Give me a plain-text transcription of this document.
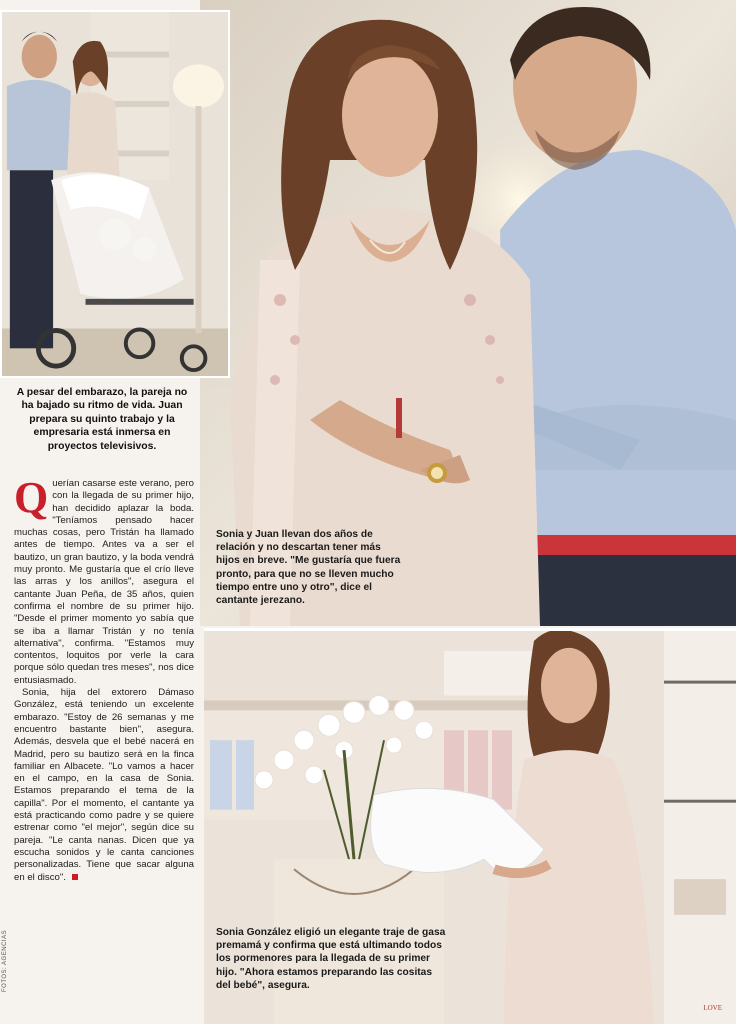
A pesar del embarazo, la pareja no ha bajado su ritmo de vida. Juan prepara su quinto trabajo y la empresaria está inmersa en proyectos televisivos.

Querían casarse este verano, pero con la llegada de su primer hijo, han decidido aplazar la boda. "Teníamos pensado hacer muchas cosas, pero Tristán ha llamado antes de tiempo. Antes va a ser el bautizo, un gran bautizo, y la boda vendrá muy pronto. Me gustaría que el crío lleve las arras y los anillos", asegura el cantante Juan Peña, de 35 años, quien confirma el nombre de su primer hijo. "Desde el primer momento yo sabía que se iba a llamar Tristán y no tenía alternativa", confirma. "Estamos muy contentos, loquitos por verle la cara porque sólo quedan tres meses", nos dice entusiasmado.

Sonia, hija del extorero Dámaso González, está teniendo un excelente embarazo. "Estoy de 26 semanas y me encuentro bastante bien", asegura. Además, desvela que el bebé nacerá en Madrid, pero su bautizo será en la finca familiar en Albacete. "Lo vamos a hacer en el campo, en la casa de Sonia. Estamos preparando el tema de la capilla". Por el momento, el cantante ya está practicando como padre y se quiere estrenar como "el mejor", según dice su pareja. "Le canta nanas. Dicen que ya escucha sonidos y le canta canciones personalizadas. Tiene que sacar alguna en el disco".

FOTOS: AGENCIAS
Sonia y Juan llevan dos años de relación y no descartan tener más hijos en breve. "Me gustaría que fuera pronto, para que no se lleven mucho tiempo entre uno y otro", dice el cantante jerezano.
Sonia González eligió un elegante traje de gasa premamá y confirma que está ultimando todos los pormenores para la llegada de su primer hijo. "Ahora estamos preparando las cositas del bebé", asegura.
LOVE
